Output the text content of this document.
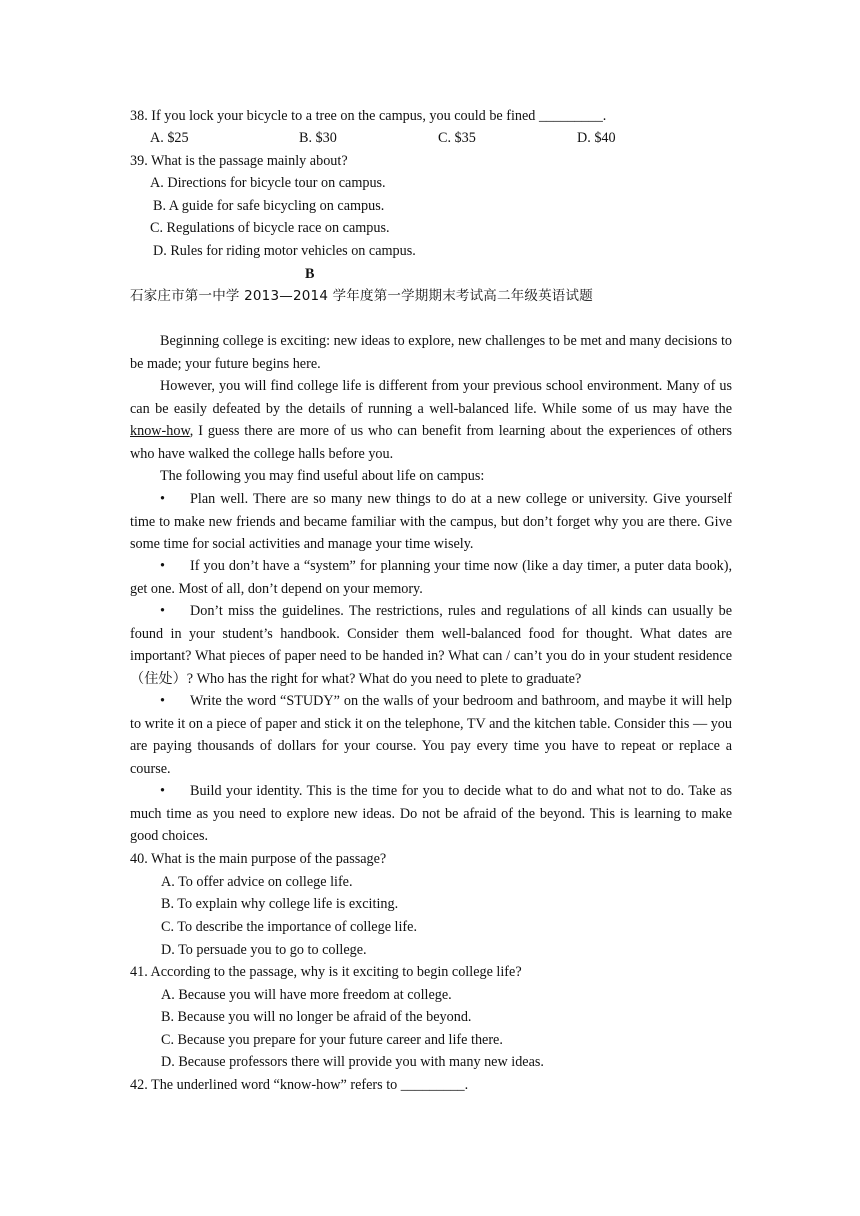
38. If you lock your bicycle to a tree on the campus, you could be fined _________.
A. $25	B. $30	C. $35	D. $40
39. What is the passage mainly about?
A. Directions for bicycle tour on campus.
B. A guide for safe bicycling on campus.
C. Regulations of bicycle race on campus.
D. Rules for riding motor vehicles on campus.
B
石家庄市第一中学 2013—2014 学年度第一学期期末考试高二年级英语试题
Beginning college is exciting: new ideas to explore, new challenges to be met and many decisions to be made; your future begins here.
However, you will find college life is different from your previous school environment. Many of us can be easily defeated by the details of running a well-balanced life. While some of us may have the know-how, I guess there are more of us who can benefit from learning about the experiences of others who have walked the college halls before you.
The following you may find useful about life on campus:
• Plan well. There are so many new things to do at a new college or university. Give yourself time to make new friends and became familiar with the campus, but don’t forget why you are there. Give some time for social activities and manage your time wisely.
• If you don’t have a “system” for planning your time now (like a day timer, a puter data book), get one. Most of all, don’t depend on your memory.
• Don’t miss the guidelines. The restrictions, rules and regulations of all kinds can usually be found in your student’s handbook. Consider them well-balanced food for thought. What dates are important? What pieces of paper need to be handed in? What can / can’t you do in your student residence（住处）? Who has the right for what? What do you need to plete to graduate?
• Write the word “STUDY” on the walls of your bedroom and bathroom, and maybe it will help to write it on a piece of paper and stick it on the telephone, TV and the kitchen table. Consider this — you are paying thousands of dollars for your course. You pay every time you have to repeat or replace a course.
• Build your identity. This is the time for you to decide what to do and what not to do. Take as much time as you need to explore new ideas. Do not be afraid of the beyond. This is learning to make good choices.
40. What is the main purpose of the passage?
A. To offer advice on college life.
B. To explain why college life is exciting.
C. To describe the importance of college life.
D. To persuade you to go to college.
41. According to the passage, why is it exciting to begin college life?
A. Because you will have more freedom at college.
B. Because you will no longer be afraid of the beyond.
C. Because you prepare for your future career and life there.
D. Because professors there will provide you with many new ideas.
42. The underlined word “know-how” refers to _________.
